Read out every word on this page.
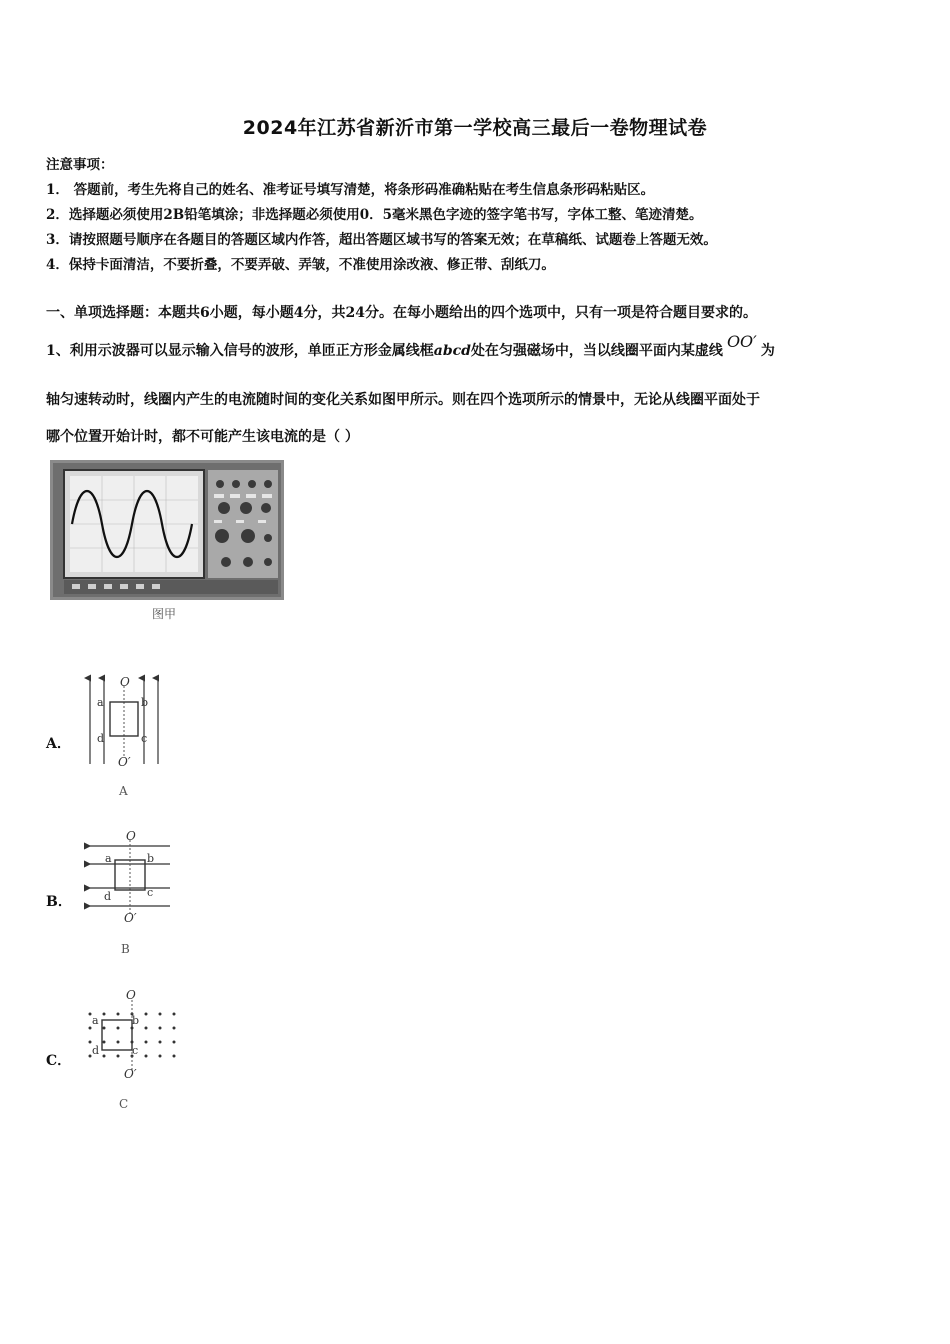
2024年江苏省新沂市第一学校高三最后一卷物理试卷
注意事项：
1． 答题前，考生先将自己的姓名、准考证号填写清楚，将条形码准确粘贴在考生信息条形码粘贴区。
2．选择题必须使用2B铅笔填涂；非选择题必须使用0．5毫米黑色字迹的签字笔书写，字体工整、笔迹清楚。
3．请按照题号顺序在各题目的答题区域内作答，超出答题区域书写的答案无效；在草稿纸、试题卷上答题无效。
4．保持卡面清洁，不要折叠，不要弄破、弄皱，不准使用涂改液、修正带、刮纸刀。
一、单项选择题：本题共6小题，每小题4分，共24分。在每小题给出的四个选项中，只有一项是符合题目要求的。
1、利用示波器可以显示输入信号的波形，单匝正方形金属线框abcd处在匀强磁场中，当以线圈平面内某虚线 OO′ 为
轴匀速转动时，线圈内产生的电流随时间的变化关系如图甲所示。则在四个选项所示的情景中，无论从线圈平面处于
哪个位置开始计时，都不可能产生该电流的是（ ）
图甲
A．
O
O′
a	b
c
d
A
B．
O
O′
a	b
c
d
B
C．
O
O′
a	b
c
d
C
